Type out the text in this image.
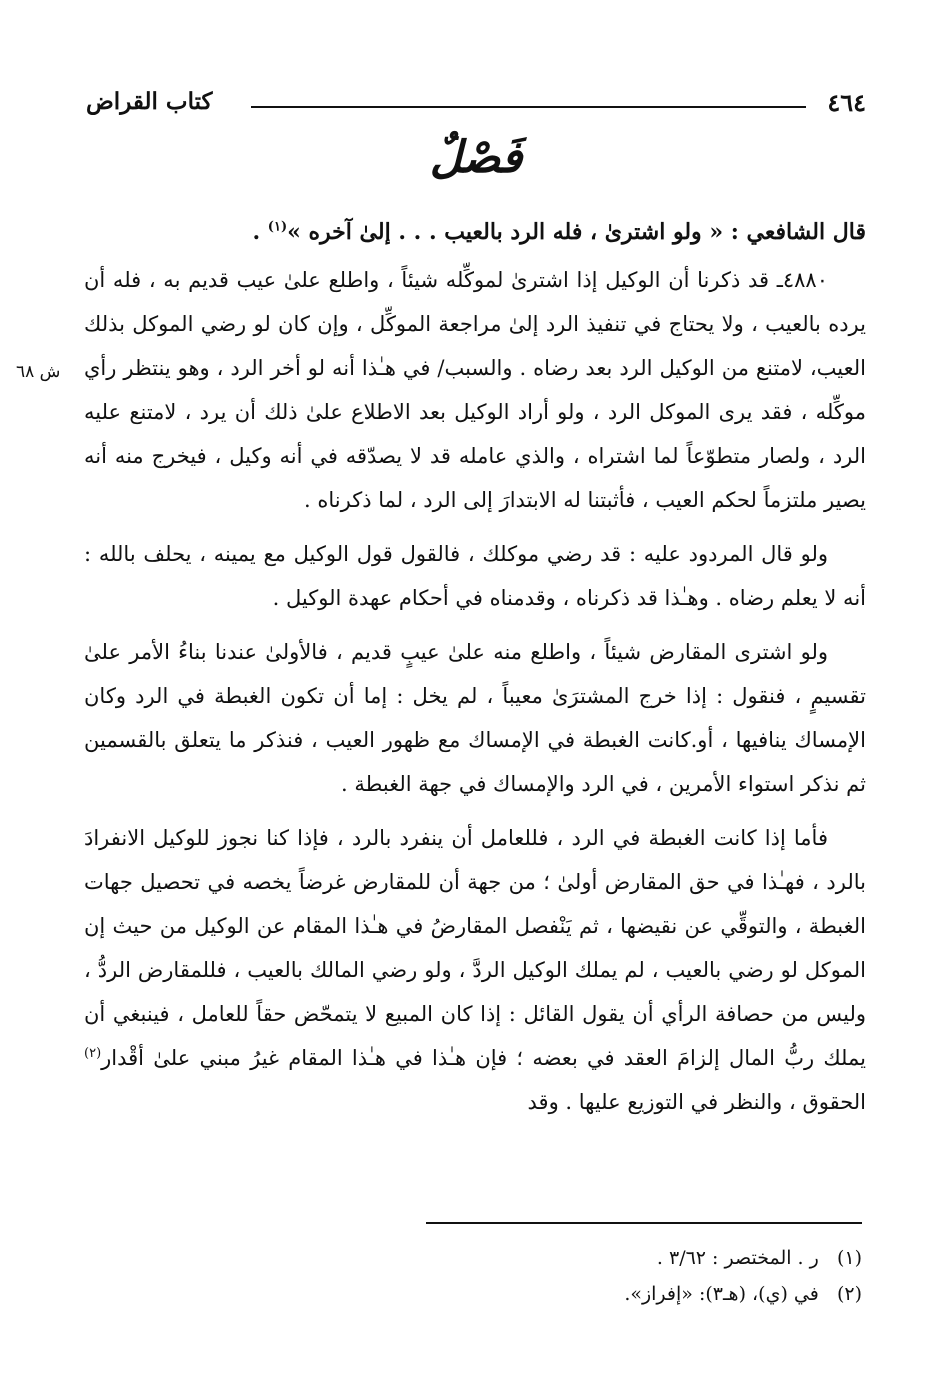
٤٦٤
كتاب القراض
فَصْلٌ
ش ٦٨

قال الشافعي : « ولو اشترىٰ ، فله الرد بالعيب . . . إلىٰ آخره »$^{(١)}$ .

٤٨٨٠ـ قد ذكرنا أن الوكيل إذا اشترىٰ لموكِّله شيئاً ، واطلع علىٰ عيب قديم به ، فله أن يرده بالعيب ، ولا يحتاج في تنفيذ الرد إلىٰ مراجعة الموكِّل ، وإن كان لو رضي الموكل بذلك العيب، لامتنع من الوكيل الرد بعد رضاه . والسبب/ في هـٰذا أنه لو أخر الرد ، وهو ينتظر رأي موكِّله ، فقد يرى الموكل الرد ، ولو أراد الوكيل بعد الاطلاع علىٰ ذلك أن يرد ، لامتنع عليه الرد ، ولصار متطوّعاً لما اشتراه ، والذي عامله قد لا يصدّقه في أنه وكيل ، فيخرج منه أنه يصير ملتزماً لحكم العيب ، فأثبتنا له الابتدارَ إلى الرد ، لما ذكرناه .

ولو قال المردود عليه : قد رضي موكلك ، فالقول قول الوكيل مع يمينه ، يحلف بالله : أنه لا يعلم رضاه . وهـٰذا قد ذكرناه ، وقدمناه في أحكام عهدة الوكيل .

ولو اشترى المقارض شيئاً ، واطلع منه علىٰ عيبٍ قديم ، فالأولىٰ عندنا بناءُ الأمر علىٰ تقسيمٍ ، فنقول : إذا خرج المشترَىٰ معيباً ، لم يخل : إما أن تكون الغبطة في الرد وكان الإمساك ينافيها ، أو.كانت الغبطة في الإمساك مع ظهور العيب ، فنذكر ما يتعلق بالقسمين ثم نذكر استواء الأمرين ، في الرد والإمساك في جهة الغبطة .

فأما إذا كانت الغبطة في الرد ، فللعامل أن ينفرد بالرد ، فإذا كنا نجوز للوكيل الانفرادَ بالرد ، فهـٰذا في حق المقارض أولىٰ ؛ من جهة أن للمقارض غرضاً يخصه في تحصيل جهات الغبطة ، والتوقِّي عن نقيضها ، ثم يَنْفصل المقارضُ في هـٰذا المقام عن الوكيل من حيث إن الموكل لو رضي بالعيب ، لم يملك الوكيل الردَّ ، ولو رضي المالك بالعيب ، فللمقارض الردُّ ، وليس من حصافة الرأي أن يقول القائل : إذا كان المبيع لا يتمحّض حقاً للعامل ، فينبغي أن يملك ربُّ المال إلزامَ العقد في بعضه ؛ فإن هـٰذا في هـٰذا المقام غيرُ مبني علىٰ أقْدار$^{(٢)}$ الحقوق ، والنظر في التوزيع عليها . وقد

(١)   ر . المختصر : ٣/٦٢ .
(٢)   في (ي)، (هـ٣): «إفراز».
